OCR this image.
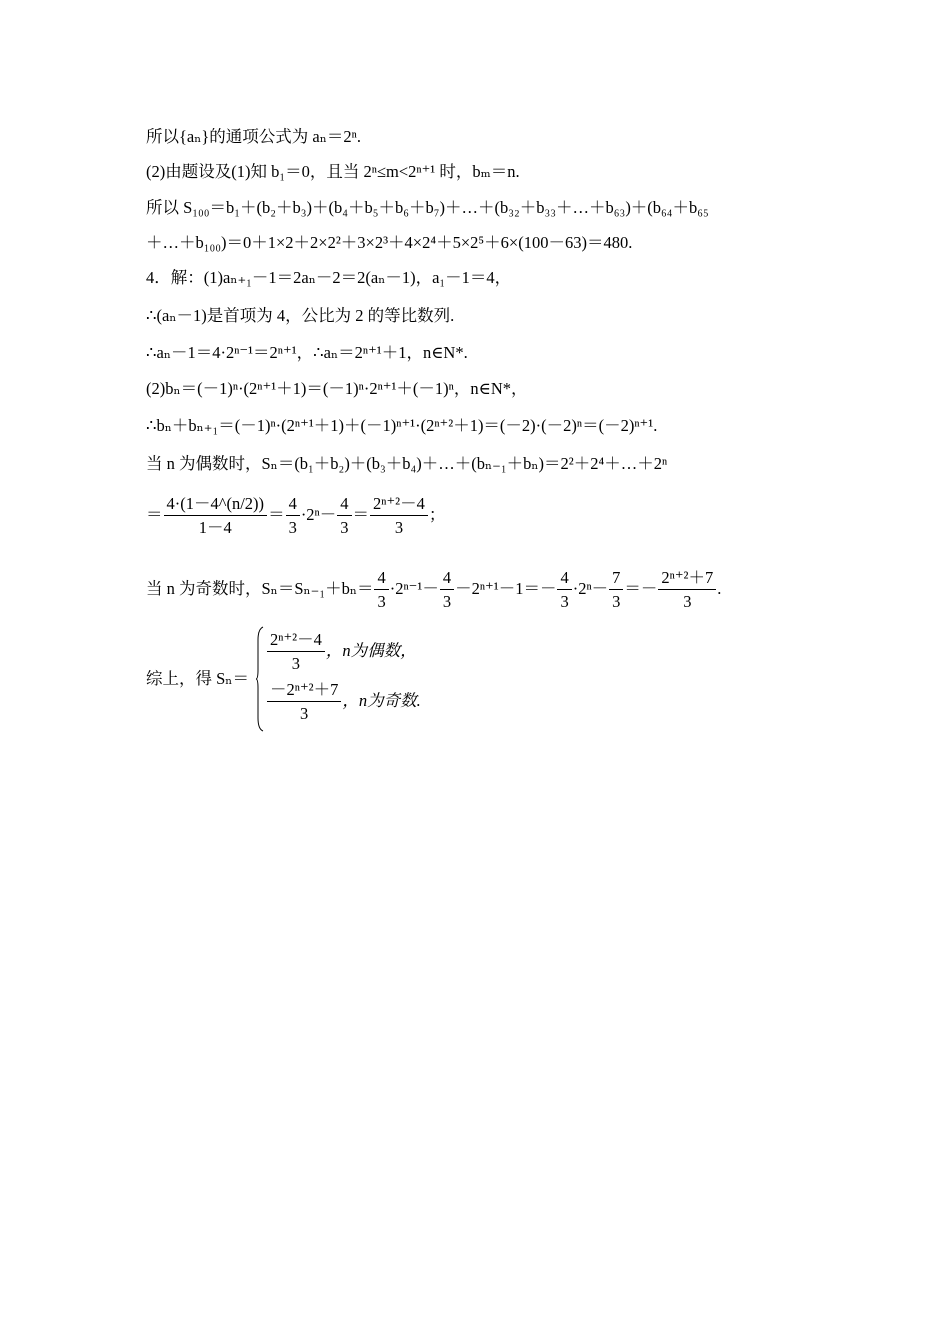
所以{aₙ}的通项公式为 aₙ＝2ⁿ.
(2)由题设及(1)知 b₁＝0，且当 2ⁿ≤m<2ⁿ⁺¹ 时，bₘ＝n.
所以 S₁₀₀＝b₁＋(b₂＋b₃)＋(b₄＋b₅＋b₆＋b₇)＋…＋(b₃₂＋b₃₃＋…＋b₆₃)＋(b₆₄＋b₆₅
＋…＋b₁₀₀)＝0＋1×2＋2×2²＋3×2³＋4×2⁴＋5×2⁵＋6×(100－63)＝480.
4．解：(1)aₙ₊₁－1＝2aₙ－2＝2(aₙ－1)，a₁－1＝4，
∴(aₙ－1)是首项为 4，公比为 2 的等比数列.
∴aₙ－1＝4·2ⁿ⁻¹＝2ⁿ⁺¹，∴aₙ＝2ⁿ⁺¹＋1，n∈N*.
(2)bₙ＝(－1)ⁿ·(2ⁿ⁺¹＋1)＝(－1)ⁿ·2ⁿ⁺¹＋(－1)ⁿ，n∈N*，
∴bₙ＋bₙ₊₁＝(－1)ⁿ·(2ⁿ⁺¹＋1)＋(－1)ⁿ⁺¹·(2ⁿ⁺²＋1)＝(－2)·(－2)ⁿ＝(－2)ⁿ⁺¹.
当 n 为偶数时，Sₙ＝(b₁＋b₂)＋(b₃＋b₄)＋…＋(bₙ₋₁＋bₙ)＝2²＋2⁴＋…＋2ⁿ
＝ $\frac{4\cdot(1-4\^{}(n/2))}{1-4} = \frac{4}{3} \cdot 2^n- \frac{4}{3} = \frac{\text{2ⁿ⁺²－4}}{3}$ ；
当 n 为奇数时，$S_n=S_{n-1}+b_n= \frac{4}{3} \cdot 2^{n-1}- \frac{4}{3} -2^{n+1}-1=- \frac{4}{3} \cdot 2^n- \frac{7}{3} =- \frac{\text{2ⁿ⁺²＋7}}{3}$ .
综上，得 Sₙ＝
$\frac{\text{2ⁿ⁺²－4}}{3}$ ，n为偶数，
$\frac{\text{－2ⁿ⁺²＋7}}{3}$ ，n为奇数.
